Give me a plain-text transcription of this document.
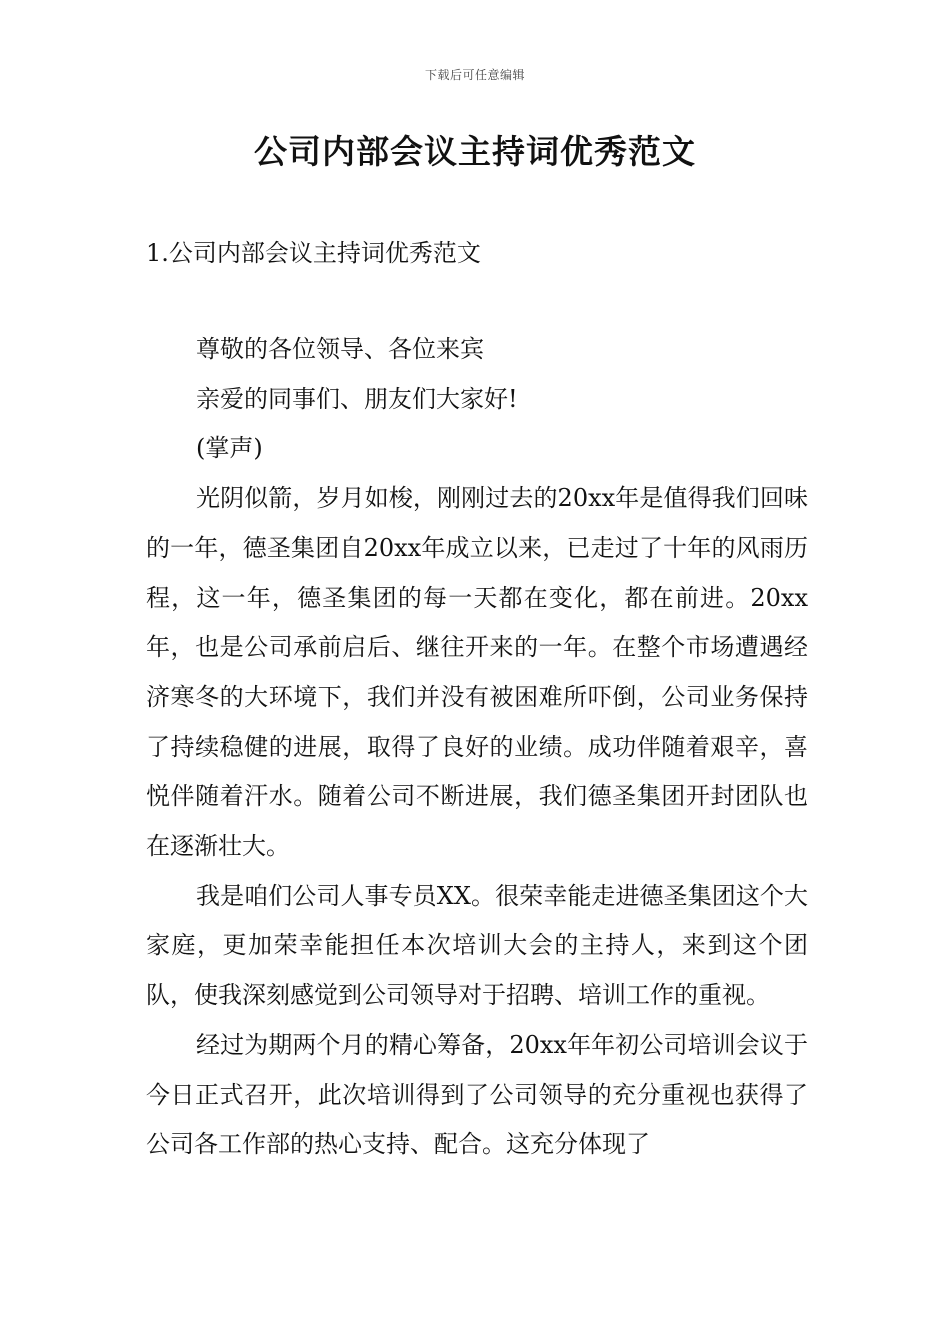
下载后可任意编辑
公司内部会议主持词优秀范文
1.公司内部会议主持词优秀范文

尊敬的各位领导、各位来宾

亲爱的同事们、朋友们大家好!

(掌声)

光阴似箭，岁月如梭，刚刚过去的20xx年是值得我们回味的一年，德圣集团自20xx年成立以来，已走过了十年的风雨历程，这一年，德圣集团的每一天都在变化，都在前进。20xx年，也是公司承前启后、继往开来的一年。在整个市场遭遇经济寒冬的大环境下，我们并没有被困难所吓倒，公司业务保持了持续稳健的进展，取得了良好的业绩。成功伴随着艰辛，喜悦伴随着汗水。随着公司不断进展，我们德圣集团开封团队也在逐渐壮大。

我是咱们公司人事专员XX。很荣幸能走进德圣集团这个大家庭，更加荣幸能担任本次培训大会的主持人，来到这个团队，使我深刻感觉到公司领导对于招聘、培训工作的重视。

经过为期两个月的精心筹备，20xx年年初公司培训会议于今日正式召开，此次培训得到了公司领导的充分重视也获得了公司各工作部的热心支持、配合。这充分体现了
